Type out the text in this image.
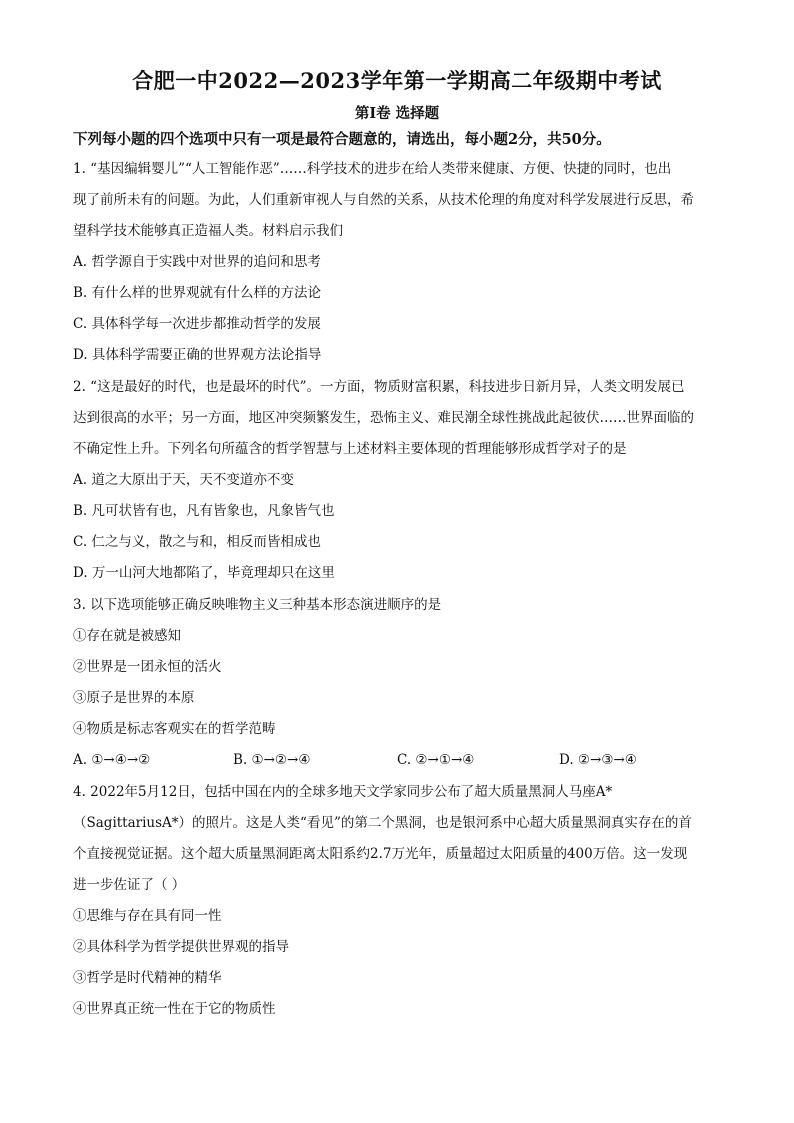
合肥一中2022—2023学年第一学期高二年级期中考试
第Ⅰ卷 选择题
下列每小题的四个选项中只有一项是最符合题意的，请选出，每小题2分，共50分。
1. “基因编辑婴儿”“人工智能作恶”……科学技术的进步在给人类带来健康、方便、快捷的同时，也出
现了前所未有的问题。为此，人们重新审视人与自然的关系，从技术伦理的角度对科学发展进行反思，希
望科学技术能够真正造福人类。材料启示我们
A. 哲学源自于实践中对世界的追问和思考
B. 有什么样的世界观就有什么样的方法论
C. 具体科学每一次进步都推动哲学的发展
D. 具体科学需要正确的世界观方法论指导
2. “这是最好的时代，也是最坏的时代”。一方面，物质财富积累，科技进步日新月异，人类文明发展已
达到很高的水平；另一方面，地区冲突频繁发生，恐怖主义、难民潮全球性挑战此起彼伏……世界面临的
不确定性上升。下列名句所蕴含的哲学智慧与上述材料主要体现的哲理能够形成哲学对子的是
A. 道之大原出于天，天不变道亦不变
B. 凡可状皆有也，凡有皆象也，凡象皆气也
C. 仁之与义，散之与和，相反而皆相成也
D. 万一山河大地都陷了，毕竟理却只在这里
3. 以下选项能够正确反映唯物主义三种基本形态演进顺序的是
①存在就是被感知
②世界是一团永恒的活火
③原子是世界的本原
④物质是标志客观实在的哲学范畴
A. ①→④→②	B. ①→②→④	C. ②→①→④	D. ②→③→④
4. 2022年5月12日，包括中国在内的全球多地天文学家同步公布了超大质量黑洞人马座A*
（SagittariusA*）的照片。这是人类“看见”的第二个黑洞，也是银河系中心超大质量黑洞真实存在的首
个直接视觉证据。这个超大质量黑洞距离太阳系约2.7万光年，质量超过太阳质量的400万倍。这一发现
进一步佐证了（ ）
①思维与存在具有同一性
②具体科学为哲学提供世界观的指导
③哲学是时代精神的精华
④世界真正统一性在于它的物质性
